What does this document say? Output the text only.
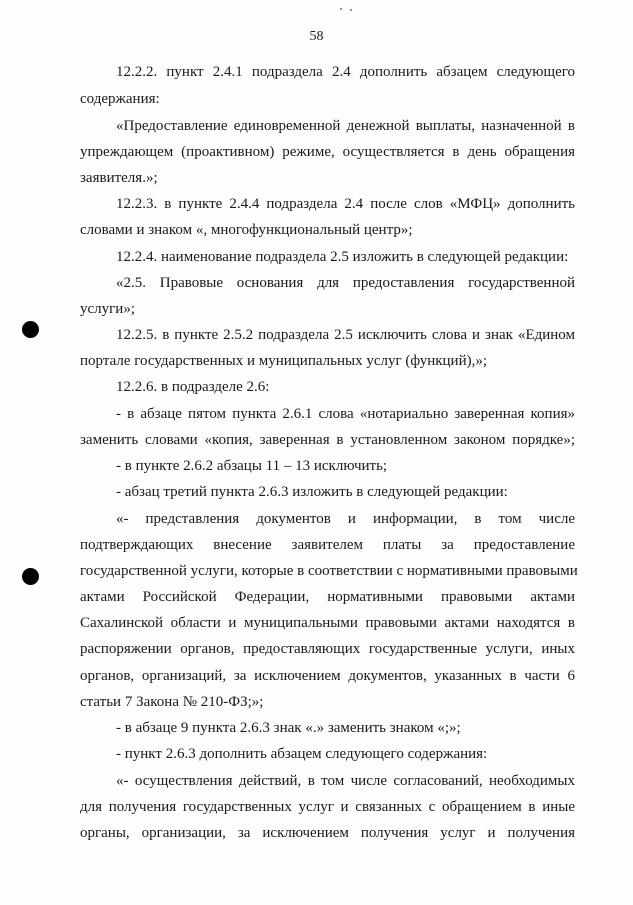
58
12.2.2. пункт 2.4.1 подраздела 2.4 дополнить абзацем следующего
содержания:
«Предоставление единовременной денежной выплаты, назначенной в
упреждающем (проактивном) режиме, осуществляется в день обращения
заявителя.»;
12.2.3. в пункте 2.4.4 подраздела 2.4 после слов «МФЦ» дополнить
словами и знаком «, многофункциональный центр»;
12.2.4. наименование подраздела 2.5 изложить в следующей редакции:
«2.5. Правовые основания для предоставления государственной
услуги»;
12.2.5. в пункте 2.5.2 подраздела 2.5 исключить слова и знак «Едином
портале государственных и муниципальных услуг (функций),»;
12.2.6. в подразделе 2.6:
- в абзаце пятом пункта 2.6.1 слова «нотариально заверенная копия»
заменить словами «копия, заверенная в установленном законом порядке»;
- в пункте 2.6.2 абзацы 11 – 13 исключить;
- абзац третий пункта 2.6.3 изложить в следующей редакции:
«- представления документов и информации, в том числе
подтверждающих внесение заявителем платы за предоставление
государственной услуги, которые в соответствии с нормативными правовыми
актами Российской Федерации, нормативными правовыми актами
Сахалинской области и муниципальными правовыми актами находятся в
распоряжении органов, предоставляющих государственные услуги, иных
органов, организаций, за исключением документов, указанных в части 6
статьи 7 Закона № 210-ФЗ;»;
- в абзаце 9 пункта 2.6.3 знак «.» заменить знаком «;»;
- пункт 2.6.3 дополнить абзацем следующего содержания:
«- осуществления действий, в том числе согласований, необходимых
для получения государственных услуг и связанных с обращением в иные
органы, организации, за исключением получения услуг и получения
